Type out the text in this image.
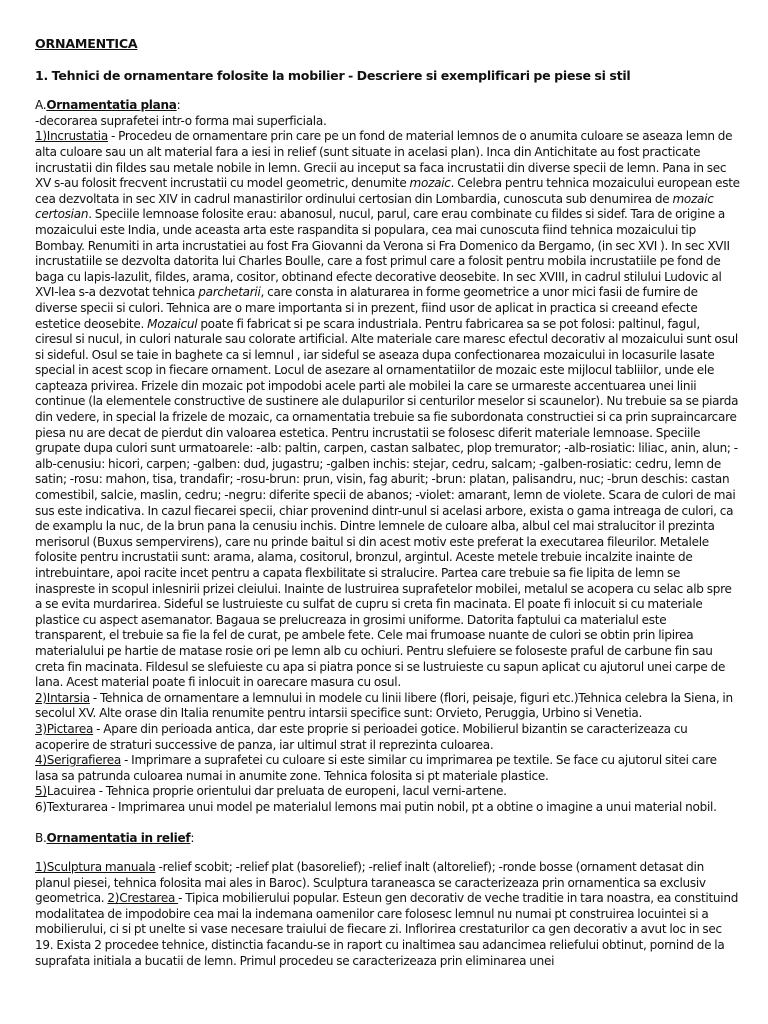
ORNAMENTICA

1. Tehnici de ornamentare folosite la mobilier - Descriere si exemplificari pe piese si stil

A.Ornamentatia plana:

-decorarea suprafetei intr-o forma mai superficiala.

1)Incrustatia - Procedeu de ornamentare prin care pe un fond de material lemnos de o anumita culoare se aseaza lemn de alta culoare sau un alt material fara a iesi in relief (sunt situate in acelasi plan). Inca din Antichitate au fost practicate incrustatii din fildes sau metale nobile in lemn. Grecii au inceput sa faca incrustatii din diverse specii de lemn. Pana in sec XV s-au folosit frecvent incrustatii cu model geometric, denumite mozaic. Celebra pentru tehnica mozaicului european este cea dezvoltata in sec XIV in cadrul manastirilor ordinului certosian din Lombardia, cunoscuta sub denumirea de mozaic certosian. Speciile lemnoase folosite erau: abanosul, nucul, parul, care erau combinate cu fildes si sidef. Tara de origine a mozaicului este India, unde aceasta arta este raspandita si populara, cea mai cunoscuta fiind tehnica mozaicului tip Bombay. Renumiti in arta incrustatiei au fost Fra Giovanni da Verona si Fra Domenico da Bergamo, (in sec XVI ). In sec XVII incrustatiile se dezvolta datorita lui Charles Boulle, care a fost primul care a folosit pentru mobila incrustatiile pe fond de baga cu lapis-lazulit, fildes, arama, cositor, obtinand efecte decorative deosebite. In sec XVIII, in cadrul stilului Ludovic al XVI-lea s-a dezvotat tehnica parchetarii, care consta in alaturarea in forme geometrice a unor mici fasii de furnire de diverse specii si culori. Tehnica are o mare importanta si in prezent, fiind usor de aplicat in practica si creeand efecte estetice deosebite. Mozaicul poate fi fabricat si pe scara industriala. Pentru fabricarea sa se pot folosi: paltinul, fagul, ciresul si nucul, in culori naturale sau colorate artificial. Alte materiale care maresc efectul decorativ al mozaicului sunt osul si sideful. Osul se taie in baghete ca si lemnul , iar sideful se aseaza dupa confectionarea mozaicului in locasurile lasate special in acest scop in fiecare ornament. Locul de asezare al ornamentatiilor de mozaic este mijlocul tabliilor, unde ele capteaza privirea. Frizele din mozaic pot impodobi acele parti ale mobilei la care se urmareste accentuarea unei linii continue (la elementele constructive de sustinere ale dulapurilor si centurilor meselor si scaunelor). Nu trebuie sa se piarda din vedere, in special la frizele de mozaic, ca ornamentatia trebuie sa fie subordonata constructiei si ca prin supraincarcare piesa nu are decat de pierdut din valoarea estetica. Pentru incrustatii se folosesc diferit materiale lemnoase. Speciile grupate dupa culori sunt urmatoarele: -alb: paltin, carpen, castan salbatec, plop tremurator; -alb-rosiatic: liliac, anin, alun; -alb-cenusiu: hicori, carpen; -galben: dud, jugastru; -galben inchis: stejar, cedru, salcam; -galben-rosiatic: cedru, lemn de satin; -rosu: mahon, tisa, trandafir; -rosu-brun: prun, visin, fag aburit; -brun: platan, palisandru, nuc; -brun deschis: castan comestibil, salcie, maslin, cedru; -negru: diferite specii de abanos; -violet: amarant, lemn de violete. Scara de culori de mai sus este indicativa. In cazul fiecarei specii, chiar provenind dintr-unul si acelasi arbore, exista o gama intreaga de culori, ca de examplu la nuc, de la brun pana la cenusiu inchis. Dintre lemnele de culoare alba, albul cel mai stralucitor il prezinta merisorul (Buxus sempervirens), care nu prinde baitul si din acest motiv este preferat la executarea fileurilor. Metalele folosite pentru incrustatii sunt: arama, alama, cositorul, bronzul, argintul. Aceste metele trebuie incalzite inainte de intrebuintare, apoi racite incet pentru a capata flexbilitate si stralucire. Partea care trebuie sa fie lipita de lemn se inaspreste in scopul inlesnirii prizei cleiului. Inainte de lustruirea suprafetelor mobilei, metalul se acopera cu selac alb spre a se evita murdarirea. Sideful se lustruieste cu sulfat de cupru si creta fin macinata. El poate fi inlocuit si cu materiale plastice cu aspect asemanator. Bagaua se prelucreaza in grosimi uniforme. Datorita faptului ca materialul este transparent, el trebuie sa fie la fel de curat, pe ambele fete. Cele mai frumoase nuante de culori se obtin prin lipirea materialului pe hartie de matase rosie ori pe lemn alb cu ochiuri. Pentru slefuiere se foloseste praful de carbune fin sau creta fin macinata. Fildesul se slefuieste cu apa si piatra ponce si se lustruieste cu sapun aplicat cu ajutorul unei carpe de lana. Acest material poate fi inlocuit in oarecare masura cu osul.

2)Intarsia - Tehnica de ornamentare a lemnului in modele cu linii libere (flori, peisaje, figuri etc.)Tehnica celebra la Siena, in secolul XV. Alte orase din Italia renumite pentru intarsii specifice sunt: Orvieto, Peruggia, Urbino si Venetia.

3)Pictarea - Apare din perioada antica, dar este proprie si perioadei gotice. Mobilierul bizantin se caracterizeaza cu acoperire de straturi successive de panza, iar ultimul strat il reprezinta culoarea.

4)Serigrafierea - Imprimare a suprafetei cu culoare si este similar cu imprimarea pe textile. Se face cu ajutorul sitei care lasa sa patrunda culoarea numai in anumite zone. Tehnica folosita si pt materiale plastice.

5)Lacuirea - Tehnica proprie orientului dar preluata de europeni, lacul verni-artene.

6)Texturarea - Imprimarea unui model pe materialul lemons mai putin nobil, pt a obtine o imagine a unui material nobil.

B.Ornamentatia in relief:

1)Sculptura manuala -relief scobit; -relief plat (basorelief); -relief inalt (altorelief); -ronde bosse (ornament detasat din planul piesei, tehnica folosita mai ales in Baroc). Sculptura taraneasca se caracterizeaza prin ornamentica sa exclusiv geometrica. 2)Crestarea - Tipica mobilierului popular. Esteun gen decorativ de veche traditie in tara noastra, ea constituind modalitatea de impodobire cea mai la indemana oamenilor care folosesc lemnul nu numai pt construirea locuintei si a mobilierului, ci si pt unelte si vase necesare traiului de fiecare zi. Inflorirea crestaturilor ca gen decorativ a avut loc in sec 19. Exista 2 procedee tehnice, distinctia facandu-se in raport cu inaltimea sau adancimea reliefului obtinut, pornind de la suprafata initiala a bucatii de lemn. Primul procedeu se caracterizeaza prin eliminarea unei
